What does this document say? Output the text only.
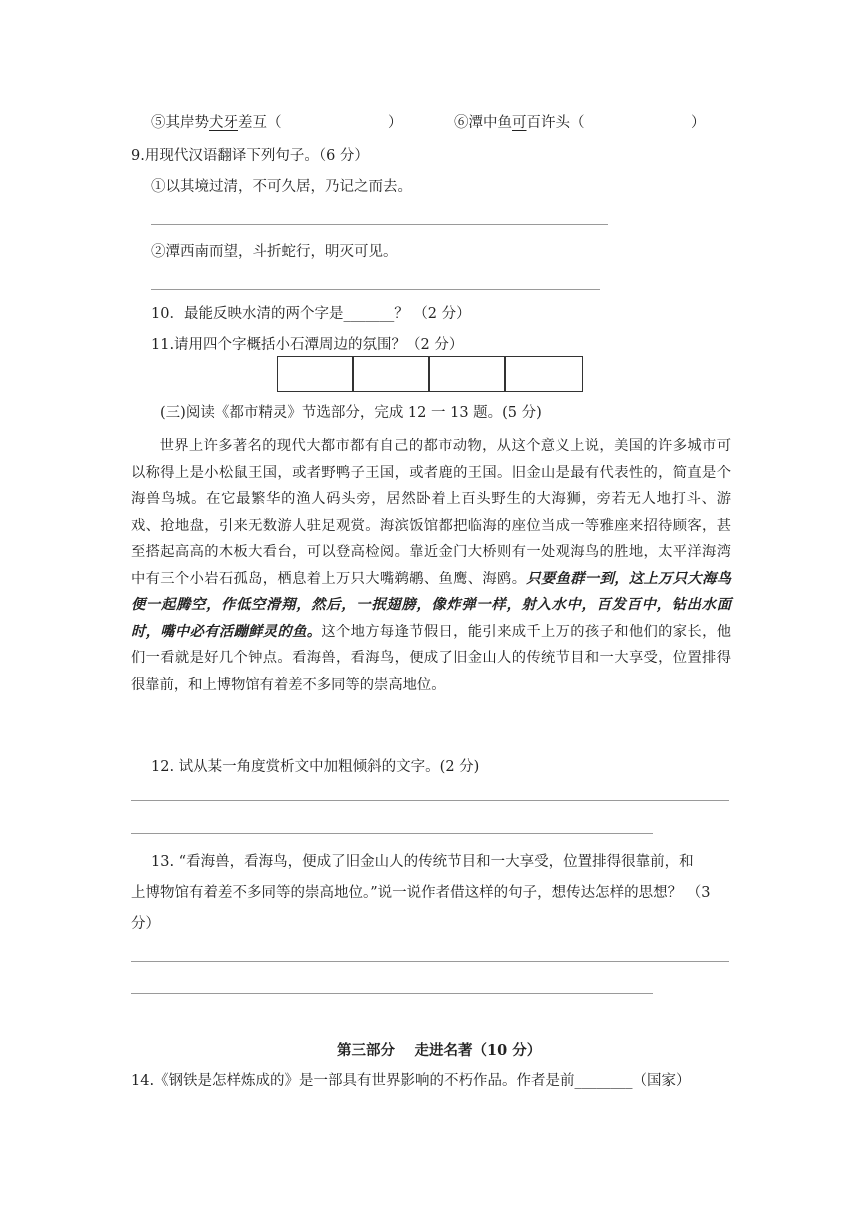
⑤其岸势犬牙差互（	）	⑥潭中鱼可百许头（	）
9.用现代汉语翻译下列句子。（6 分）
①以其境过清，不可久居，乃记之而去。
②潭西南而望，斗折蛇行，明灭可见。
10．最能反映水清的两个字是_______？ （2 分）
11.请用四个字概括小石潭周边的氛围？（2 分）
(三)阅读《都市精灵》节选部分，完成 12 一 13 题。(5 分)
世界上许多著名的现代大都市都有自己的都市动物，从这个意义上说，美国的许多城市可以称得上是小松鼠王国，或者野鸭子王国，或者鹿的王国。旧金山是最有代表性的，简直是个海兽鸟城。在它最繁华的渔人码头旁，居然卧着上百头野生的大海狮，旁若无人地打斗、游戏、抢地盘，引来无数游人驻足观赏。海滨饭馆都把临海的座位当成一等雅座来招待顾客，甚至搭起高高的木板大看台，可以登高检阅。靠近金门大桥则有一处观海鸟的胜地，太平洋海湾中有三个小岩石孤岛，栖息着上万只大嘴鹈鹕、鱼鹰、海鸥。只要鱼群一到，这上万只大海鸟便一起腾空，作低空滑翔，然后，一抿翅膀，像炸弹一样，射入水中，百发百中，钻出水面时，嘴中必有活蹦鲜灵的鱼。这个地方每逢节假日，能引来成千上万的孩子和他们的家长，他们一看就是好几个钟点。看海兽，看海鸟，便成了旧金山人的传统节目和一大享受，位置排得很靠前，和上博物馆有着差不多同等的崇高地位。
12. 试从某一角度赏析文中加粗倾斜的文字。(2 分)
13. “看海兽，看海鸟，便成了旧金山人的传统节目和一大享受，位置排得很靠前，和
上博物馆有着差不多同等的崇高地位。”说一说作者借这样的句子，想传达怎样的思想？ （3
分）
第三部分　 走进名著（10 分）
14.《钢铁是怎样炼成的》是一部具有世界影响的不朽作品。作者是前________（国家）
